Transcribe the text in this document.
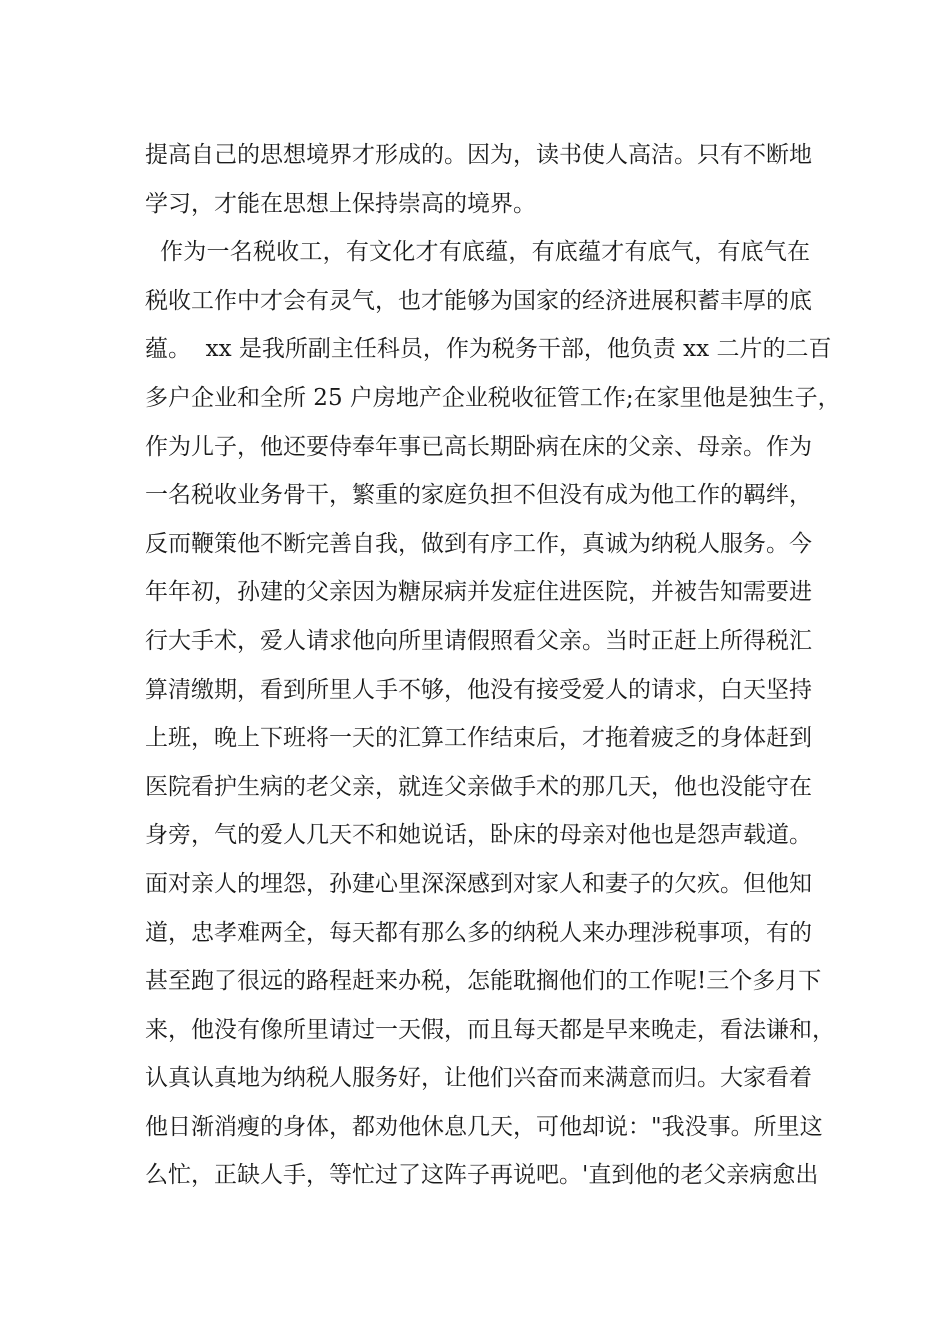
提高自己的思想境界才形成的。因为，读书使人高洁。只有不断地
学习，才能在思想上保持崇高的境界。
作为一名税收工，有文化才有底蕴，有底蕴才有底气，有底气在
税收工作中才会有灵气，也才能够为国家的经济进展积蓄丰厚的底
蕴。  xx 是我所副主任科员，作为税务干部，他负责 xx 二片的二百
多户企业和全所 25 户房地产企业税收征管工作;在家里他是独生子，
作为儿子，他还要侍奉年事已高长期卧病在床的父亲、母亲。作为
一名税收业务骨干，繁重的家庭负担不但没有成为他工作的羁绊，
反而鞭策他不断完善自我，做到有序工作，真诚为纳税人服务。今
年年初，孙建的父亲因为糖尿病并发症住进医院，并被告知需要进
行大手术，爱人请求他向所里请假照看父亲。当时正赶上所得税汇
算清缴期，看到所里人手不够，他没有接受爱人的请求，白天坚持
上班，晚上下班将一天的汇算工作结束后，才拖着疲乏的身体赶到
医院看护生病的老父亲，就连父亲做手术的那几天，他也没能守在
身旁，气的爱人几天不和她说话，卧床的母亲对他也是怨声载道。
面对亲人的埋怨，孙建心里深深感到对家人和妻子的欠疚。但他知
道，忠孝难两全，每天都有那么多的纳税人来办理涉税事项，有的
甚至跑了很远的路程赶来办税，怎能耽搁他们的工作呢!三个多月下
来，他没有像所里请过一天假，而且每天都是早来晚走，看法谦和，
认真认真地为纳税人服务好，让他们兴奋而来满意而归。大家看着
他日渐消瘦的身体，都劝他休息几天，可他却说："我没事。所里这
么忙，正缺人手，等忙过了这阵子再说吧。'直到他的老父亲病愈出
